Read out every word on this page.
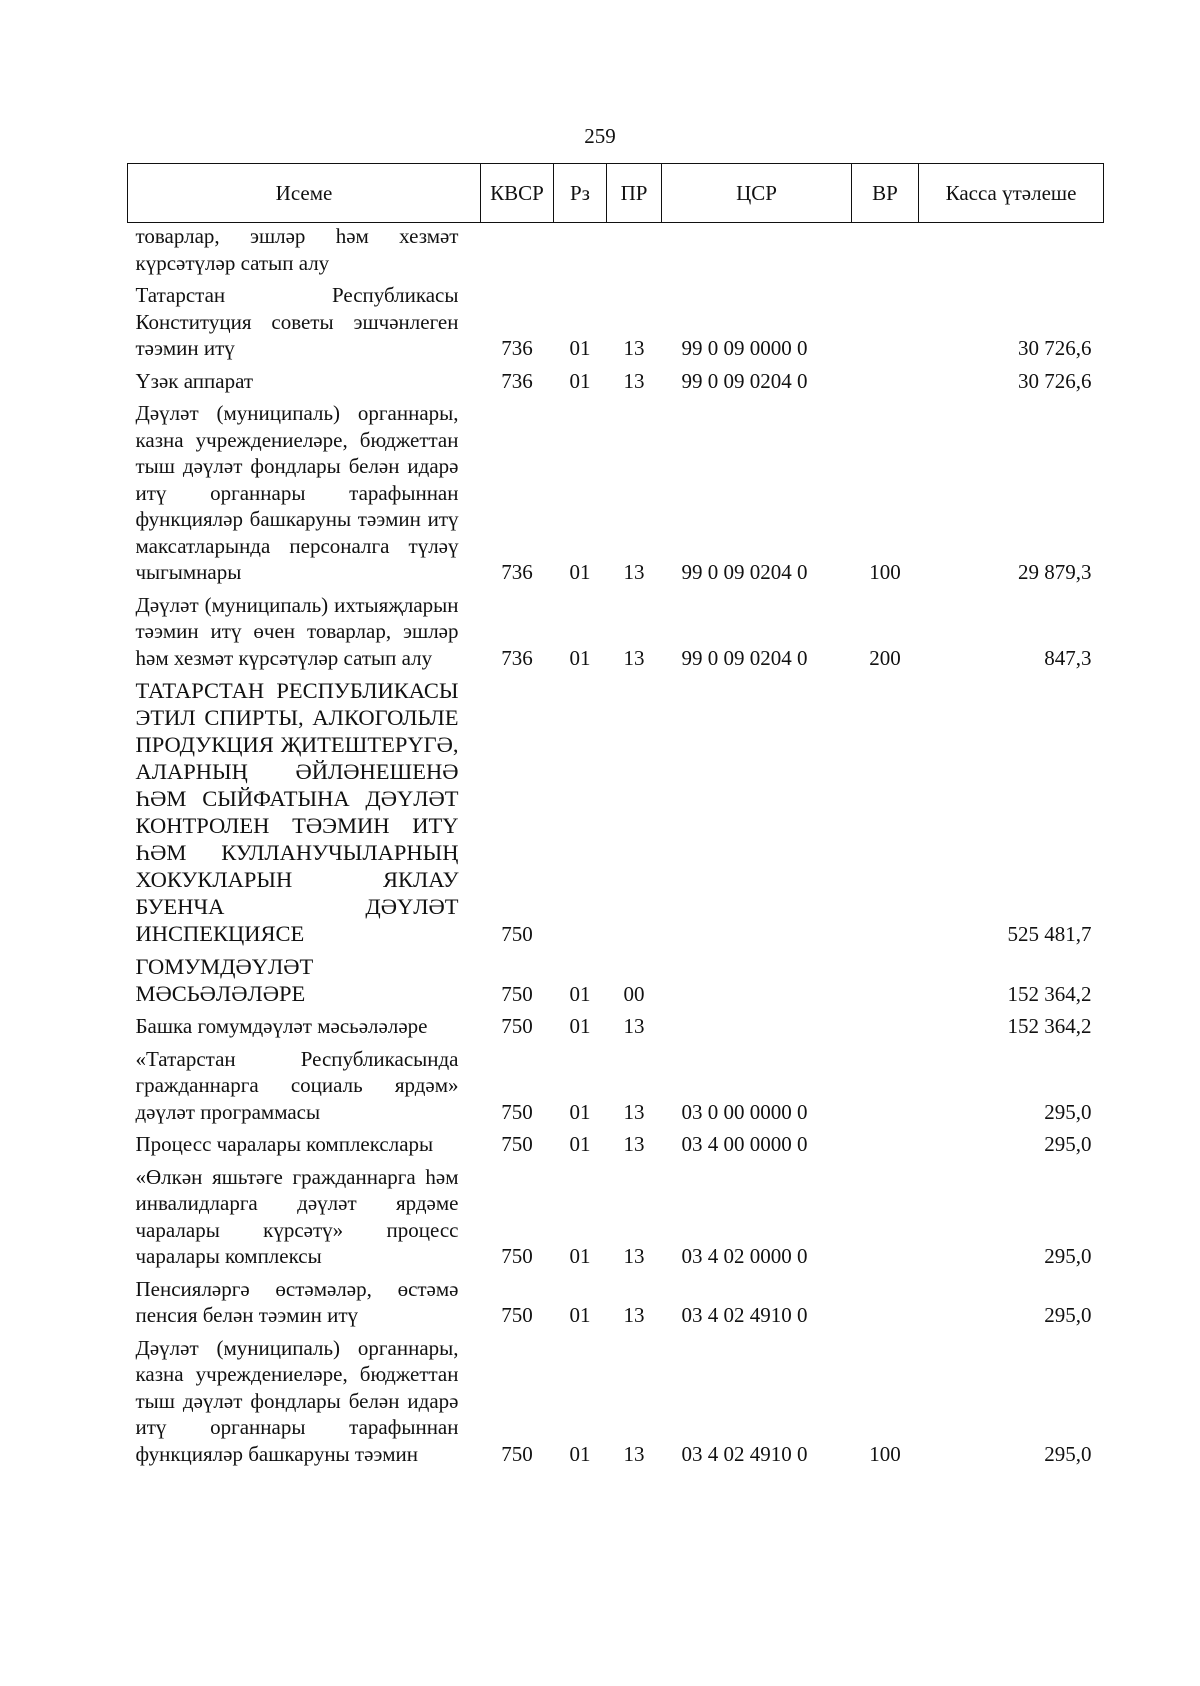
259
Исеме	КВСР	Рз	ПР	ЦСР	ВР	Касса үтәлеше
товарлар, эшләр һәм хезмәт күрсәтүләр сатып алу						
Татарстан Республикасы Конституция советы эшчәнлеген тәэмин итү	736	01	13	99 0 09 0000 0		30 726,6
Үзәк аппарат	736	01	13	99 0 09 0204 0		30 726,6
Дәүләт (муниципаль) органнары, казна учреждениеләре, бюджеттан тыш дәүләт фондлары белән идарә итү органнары тарафыннан функцияләр башкаруны тәэмин итү максатларында персоналга түләү чыгымнары	736	01	13	99 0 09 0204 0	100	29 879,3
Дәүләт (муниципаль) ихтыяҗларын тәэмин итү өчен товарлар, эшләр һәм хезмәт күрсәтүләр сатып алу	736	01	13	99 0 09 0204 0	200	847,3
ТАТАРСТАН РЕСПУБЛИКАСЫ ЭТИЛ СПИРТЫ, АЛКОГОЛЬЛЕ ПРОДУКЦИЯ ҖИТЕШТЕРҮГӘ, АЛАРНЫҢ ӘЙЛӘНЕШЕНӘ ҺӘМ СЫЙФАТЫНА ДӘҮЛӘТ КОНТРОЛЕН ТӘЭМИН ИТҮ ҺӘМ КУЛЛАНУЧЫЛАРНЫҢ ХОКУКЛАРЫН ЯКЛАУ БУЕНЧА ДӘҮЛӘТ ИНСПЕКЦИЯСЕ	750					525 481,7
ГОМУМДӘҮЛӘТ МӘСЬӘЛӘЛӘРЕ	750	01	00			152 364,2
Башка гомумдәүләт мәсьәләләре	750	01	13			152 364,2
«Татарстан Республикасында гражданнарга социаль ярдәм» дәүләт программасы	750	01	13	03 0 00 0000 0		295,0
Процесс чаралары комплекслары	750	01	13	03 4 00 0000 0		295,0
«Өлкән яшьтәге гражданнарга һәм инвалидларга дәүләт ярдәме чаралары күрсәтү» процесс чаралары комплексы	750	01	13	03 4 02 0000 0		295,0
Пенсияләргә өстәмәләр, өстәмә пенсия белән тәэмин итү	750	01	13	03 4 02 4910 0		295,0
Дәүләт (муниципаль) органнары, казна учреждениеләре, бюджеттан тыш дәүләт фондлары белән идарә итү органнары тарафыннан функцияләр башкаруны тәэмин	750	01	13	03 4 02 4910 0	100	295,0
